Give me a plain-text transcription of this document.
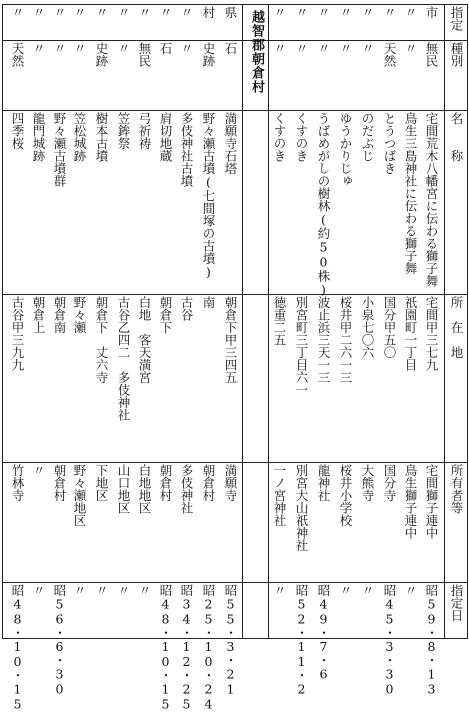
指定
種別
名　　称
所　在　地
所有者等
指定日
市
無民
宅間荒木八幡宮に伝わる獅子舞
宅間甲三七九
宅間獅子連中
昭59・8・13
〃
〃
鳥生三島神社に伝わる獅子舞
祇園町一丁目
鳥生獅子連中
〃
〃
天然
とうつばき
国分甲五〇
国分寺
昭45・3・30
〃
〃
のだぶじ
小泉七〇六
大熊寺
〃
〃
〃
ゆうかりじゅ
桜井甲二六一三
桜井小学校
〃
〃
〃
うばめがしの樹林(約50株)
波止浜三天一三
龍神社
昭49・7・6
〃
〃
くすのき
別宮町三丁目六一
別宮大山祇神社
昭52・11・2
〃
〃
くすのき
徳重二五
一ノ宮神社
〃
県
石
満願寺石塔
朝倉下甲三四五
満願寺
昭55・3・21
村
史跡
野々瀬古墳(七間塚の古墳)
南
朝倉村
昭25・10・24
〃
〃
多伎神社古墳
古谷
多伎神社
昭34・12・25
〃
石
肩切地蔵
朝倉下
朝倉村
昭48・10・15
〃
無民
弓祈祷
白地　客天満宮
白地地区
〃
〃
〃
笠鉾祭
古谷乙四二　多伎神社
山口地区
〃
〃
史跡
樹本古墳
朝倉下　丈六寺
下地区
〃
〃
〃
笠松城跡
野々瀬
野々瀬地区
〃
〃
〃
野々瀬古墳群
朝倉南
朝倉村
昭56・6・30
〃
〃
龍門城跡
朝倉上
〃
〃
〃
天然
四季桜
古谷甲三九九
竹林寺
昭48・10・15
越智郡朝倉村
